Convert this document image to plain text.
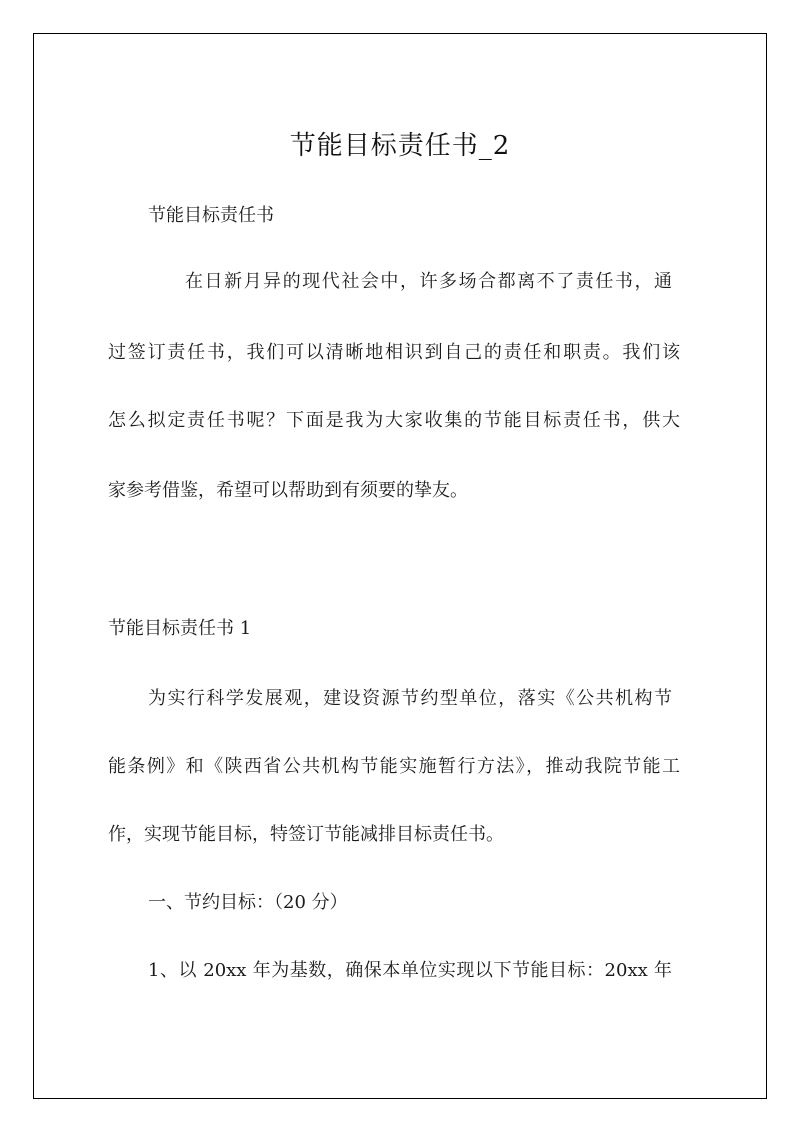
节能目标责任书_2
节能目标责任书
在日新月异的现代社会中，许多场合都离不了责任书，通
过签订责任书，我们可以清晰地相识到自己的责任和职责。我们该
怎么拟定责任书呢？下面是我为大家收集的节能目标责任书，供大
家参考借鉴，希望可以帮助到有须要的挚友。
节能目标责任书 1
为实行科学发展观，建设资源节约型单位，落实《公共机构节
能条例》和《陕西省公共机构节能实施暂行方法》，推动我院节能工
作，实现节能目标，特签订节能减排目标责任书。
一、节约目标：（20 分）
1、以 20xx 年为基数，确保本单位实现以下节能目标：20xx 年
